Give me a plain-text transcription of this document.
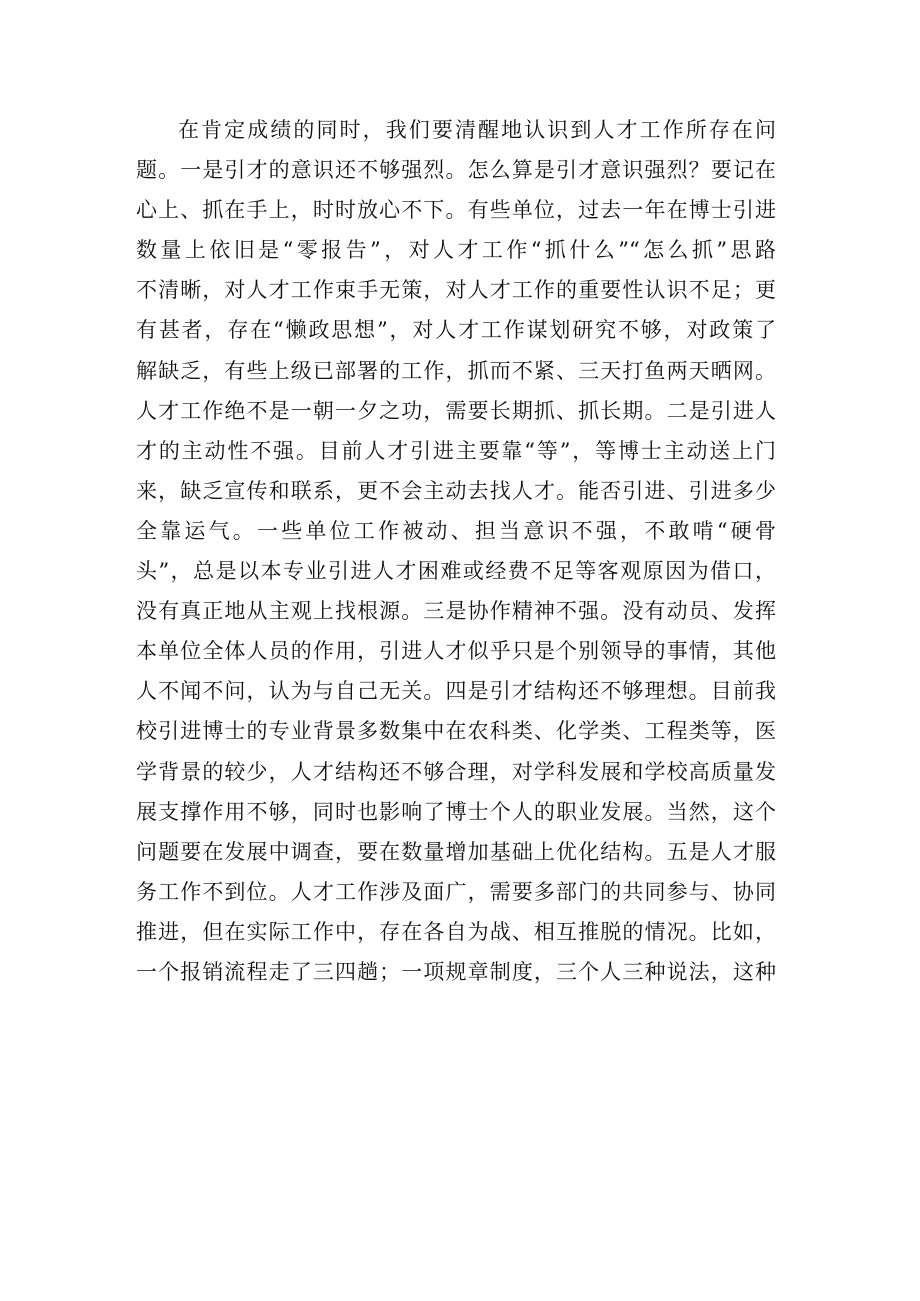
在肯定成绩的同时，我们要清醒地认识到人才工作所存在问
题。一是引才的意识还不够强烈。怎么算是引才意识强烈？要记在
心上、抓在手上，时时放心不下。有些单位，过去一年在博士引进
数量上依旧是“零报告”，对人才工作“抓什么”“怎么抓”思路
不清晰，对人才工作束手无策，对人才工作的重要性认识不足；更
有甚者，存在“懒政思想”，对人才工作谋划研究不够，对政策了
解缺乏，有些上级已部署的工作，抓而不紧、三天打鱼两天晒网。
人才工作绝不是一朝一夕之功，需要长期抓、抓长期。二是引进人
才的主动性不强。目前人才引进主要靠“等”，等博士主动送上门
来，缺乏宣传和联系，更不会主动去找人才。能否引进、引进多少
全靠运气。一些单位工作被动、担当意识不强，不敢啃“硬骨
头”，总是以本专业引进人才困难或经费不足等客观原因为借口，
没有真正地从主观上找根源。三是协作精神不强。没有动员、发挥
本单位全体人员的作用，引进人才似乎只是个别领导的事情，其他
人不闻不问，认为与自己无关。四是引才结构还不够理想。目前我
校引进博士的专业背景多数集中在农科类、化学类、工程类等，医
学背景的较少，人才结构还不够合理，对学科发展和学校高质量发
展支撑作用不够，同时也影响了博士个人的职业发展。当然，这个
问题要在发展中调查，要在数量增加基础上优化结构。五是人才服
务工作不到位。人才工作涉及面广，需要多部门的共同参与、协同
推进，但在实际工作中，存在各自为战、相互推脱的情况。比如，
一个报销流程走了三四趟；一项规章制度，三个人三种说法，这种
